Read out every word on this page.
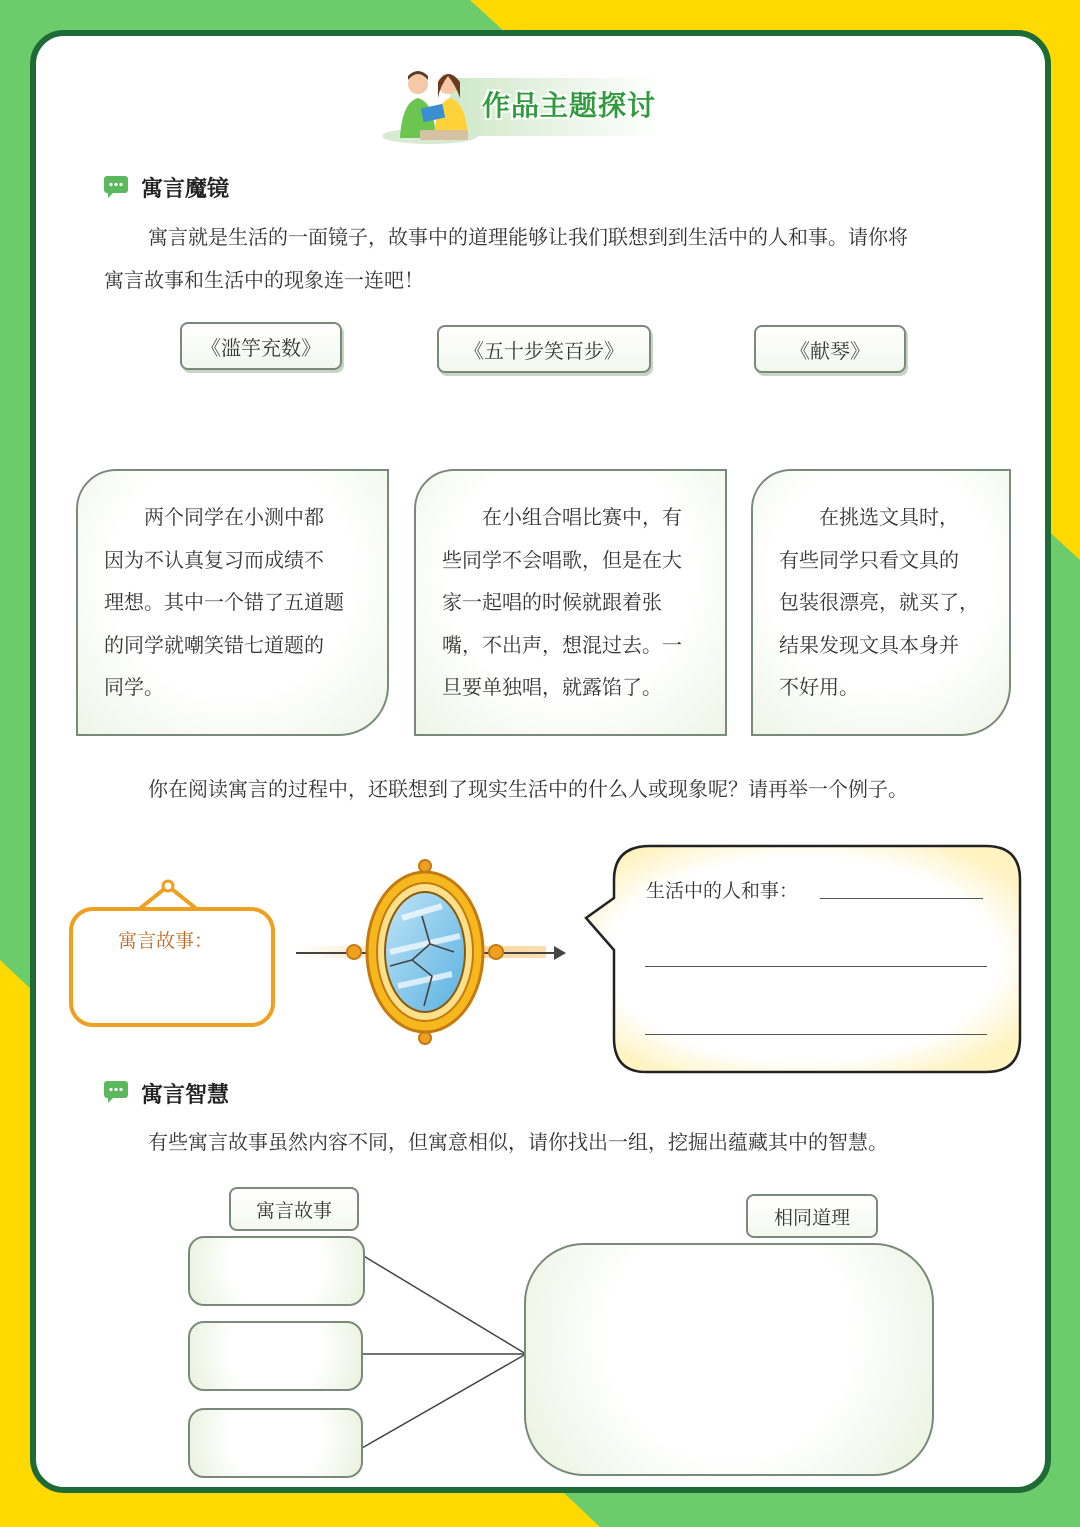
作品主题探讨
寓言魔镜
寓言就是生活的一面镜子，故事中的道理能够让我们联想到到生活中的人和事。请你将
寓言故事和生活中的现象连一连吧！
《滥竽充数》	《五十步笑百步》	《献琴》
两个同学在小测中都
因为不认真复习而成绩不
理想。其中一个错了五道题
的同学就嘲笑错七道题的
同学。
在小组合唱比赛中，有
些同学不会唱歌，但是在大
家一起唱的时候就跟着张
嘴，不出声，想混过去。一
旦要单独唱，就露馅了。
在挑选文具时，
有些同学只看文具的
包装很漂亮，就买了，
结果发现文具本身并
不好用。
你在阅读寓言的过程中，还联想到了现实生活中的什么人或现象呢？请再举一个例子。
寓言故事：
生活中的人和事：
寓言智慧
有些寓言故事虽然内容不同，但寓意相似，请你找出一组，挖掘出蕴藏其中的智慧。
寓言故事	相同道理
